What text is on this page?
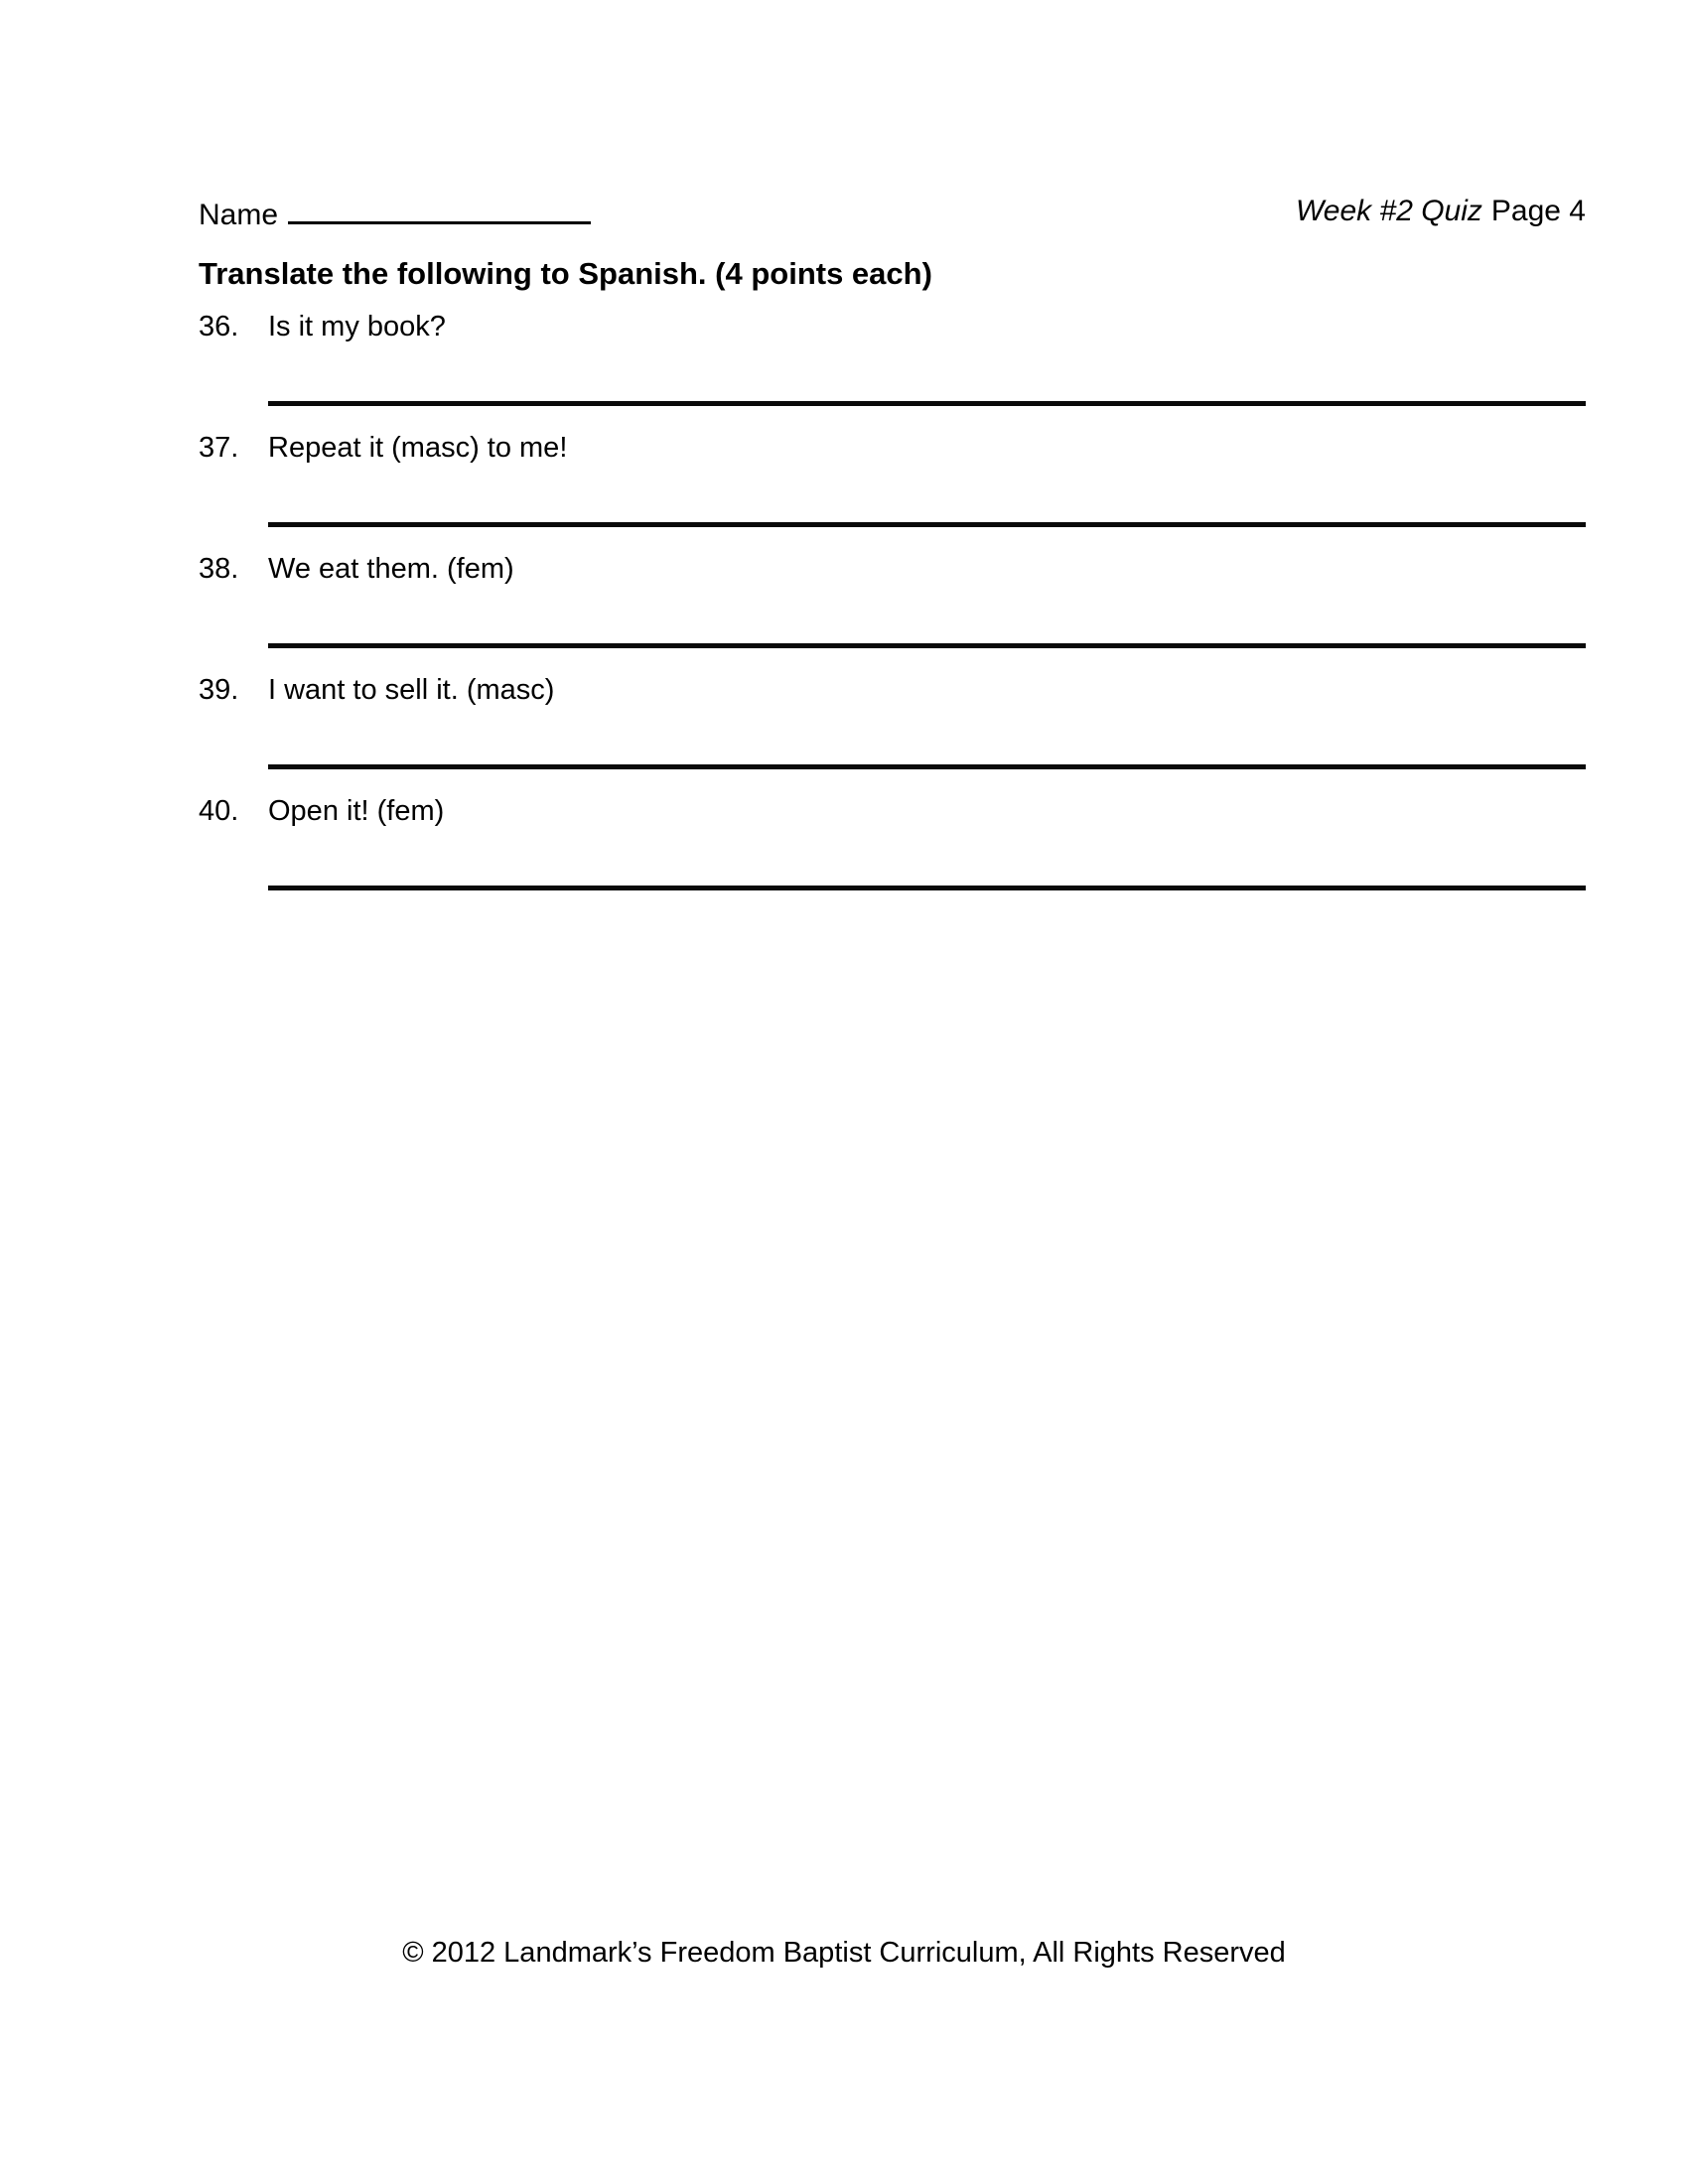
Name	Week #2 Quiz Page 4
Translate the following to Spanish. (4 points each)
36.	Is it my book?
37.	Repeat it (masc) to me!
38.	We eat them. (fem)
39.	I want to sell it. (masc)
40.	Open it! (fem)
© 2012 Landmark’s Freedom Baptist Curriculum, All Rights Reserved
